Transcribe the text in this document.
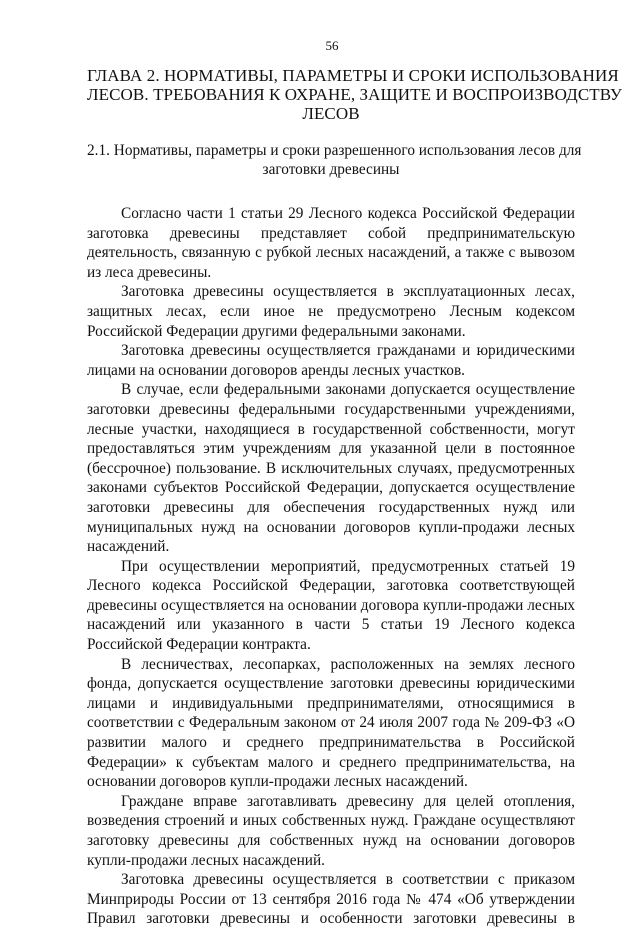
56
ГЛАВА 2. НОРМАТИВЫ, ПАРАМЕТРЫ И СРОКИ ИСПОЛЬЗОВАНИЯ
ЛЕСОВ. ТРЕБОВАНИЯ К ОХРАНЕ, ЗАЩИТЕ И ВОСПРОИЗВОДСТВУ
ЛЕСОВ
2.1. Нормативы, параметры и сроки разрешенного использования лесов для
заготовки древесины
Согласно части 1 статьи 29 Лесного кодекса Российской Федерации
заготовка древесины представляет собой предпринимательскую
деятельность, связанную с рубкой лесных насаждений, а также с вывозом
из леса древесины.
Заготовка древесины осуществляется в эксплуатационных лесах,
защитных лесах, если иное не предусмотрено Лесным кодексом
Российской Федерации другими федеральными законами.
Заготовка древесины осуществляется гражданами и юридическими
лицами на основании договоров аренды лесных участков.
В случае, если федеральными законами допускается осуществление
заготовки древесины федеральными государственными учреждениями,
лесные участки, находящиеся в государственной собственности, могут
предоставляться этим учреждениям для указанной цели в постоянное
(бессрочное) пользование. В исключительных случаях, предусмотренных
законами субъектов Российской Федерации, допускается осуществление
заготовки древесины для обеспечения государственных нужд или
муниципальных нужд на основании договоров купли-продажи лесных
насаждений.
При осуществлении мероприятий, предусмотренных статьей 19
Лесного кодекса Российской Федерации, заготовка соответствующей
древесины осуществляется на основании договора купли-продажи лесных
насаждений или указанного в части 5 статьи 19 Лесного кодекса
Российской Федерации контракта.
В лесничествах, лесопарках, расположенных на землях лесного
фонда, допускается осуществление заготовки древесины юридическими
лицами и индивидуальными предпринимателями, относящимися в
соответствии с Федеральным законом от 24 июля 2007 года № 209-ФЗ «О
развитии малого и среднего предпринимательства в Российской
Федерации» к субъектам малого и среднего предпринимательства, на
основании договоров купли-продажи лесных насаждений.
Граждане вправе заготавливать древесину для целей отопления,
возведения строений и иных собственных нужд. Граждане осуществляют
заготовку древесины для собственных нужд на основании договоров
купли-продажи лесных насаждений.
Заготовка древесины осуществляется в соответствии с приказом
Минприроды России от 13 сентября 2016 года № 474 «Об утверждении
Правил заготовки древесины и особенности заготовки древесины в
